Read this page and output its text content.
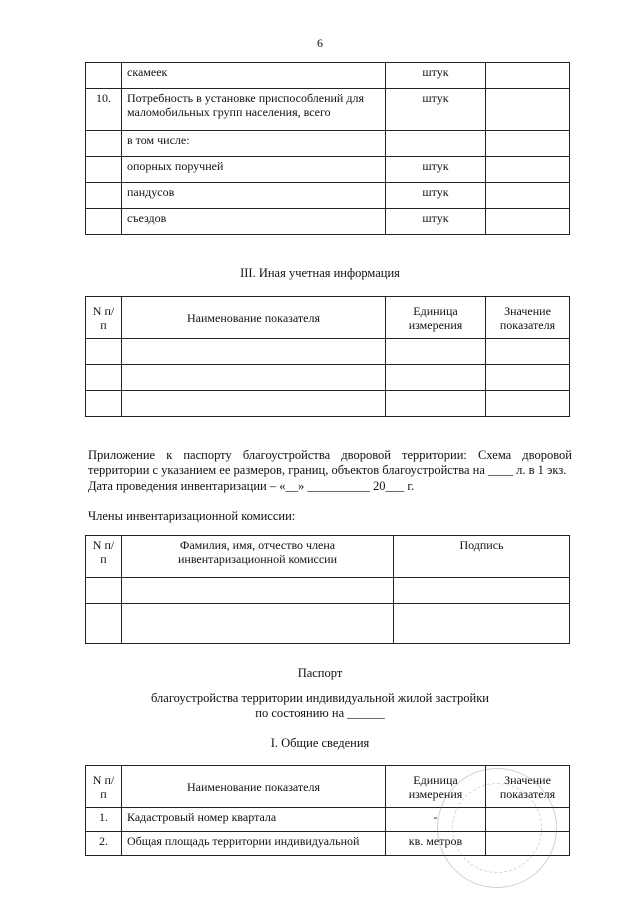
6
	скамеек	штук	
10.	Потребность в установке приспособлений для маломобильных групп населения, всего	штук	
	в том числе:		
	опорных поручней	штук	
	пандусов	штук	
	съездов	штук	
III. Иная учетная информация
N п/п	Наименование показателя	Единица измерения	Значение показателя

Приложение к паспорту благоустройства дворовой территории: Схема дворовой территории с указанием ее размеров, границ, объектов благоустройства на ____ л. в 1 экз.
Дата проведения инвентаризации – «__» __________ 20___ г.
Члены инвентаризационной комиссии:
N п/п	Фамилия, имя, отчество члена инвентаризационной комиссии	Подпись

Паспорт
благоустройства территории индивидуальной жилой застройки
по состоянию на ______
I. Общие сведения
N п/п	Наименование показателя	Единица измерения	Значение показателя
1.	Кадастровый номер квартала	-	
2.	Общая площадь территории индивидуальной	кв. метров	
